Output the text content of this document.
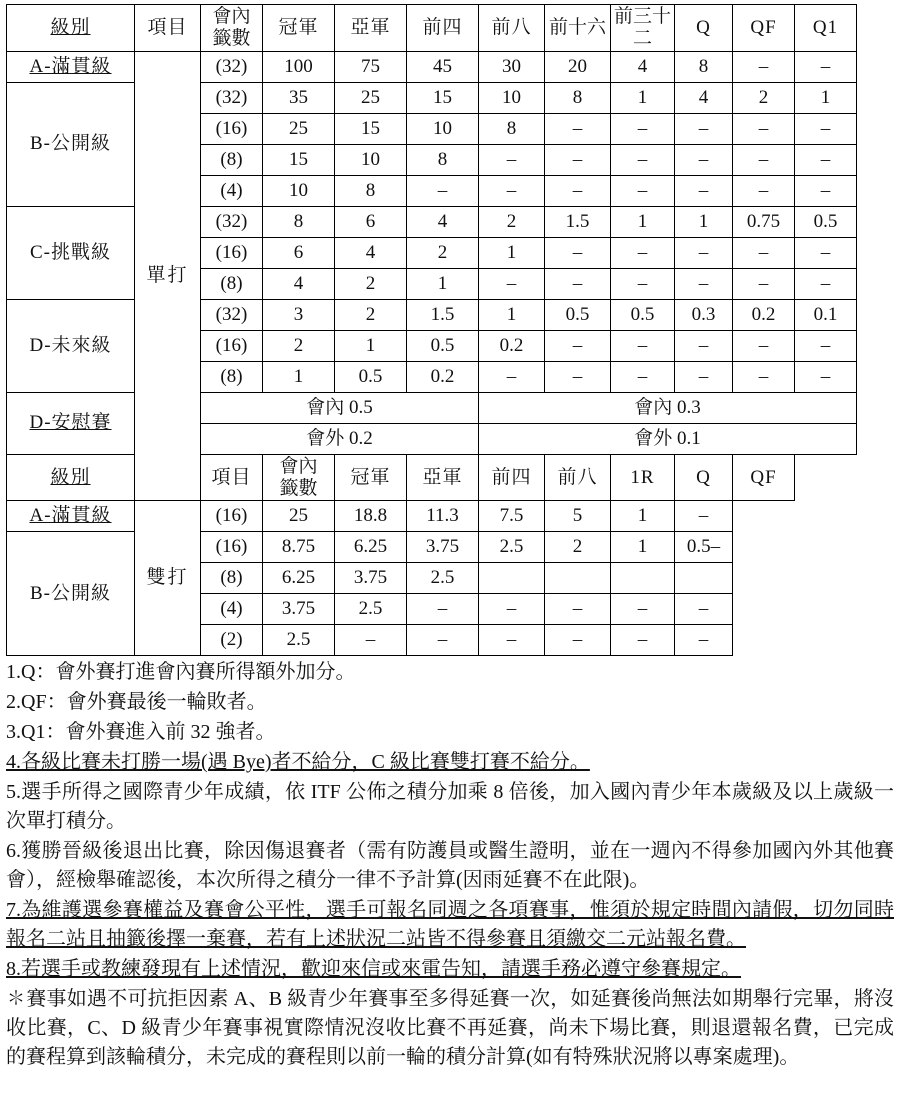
級別	項目	會內
籤數	冠軍	亞軍	前四	前八	前十六	前三十二	Q	QF	Q1	
A-滿貫級	單打	(32)	100	75	45	30	20	4	8	–	–	
B-公開級		(32)	35	25	15	10	8	1	4	2	1	
		(16)	25	15	10	8	–	–	–	–	–	
		(8)	15	10	8	–	–	–	–	–	–	
		(4)	10	8	–	–	–	–	–	–	–	
C-挑戰級		(32)	8	6	4	2	1.5	1	1	0.75	0.5	
		(16)	6	4	2	1	–	–	–	–	–	
		(8)	4	2	1	–	–	–	–	–	–	
D-未來級		(32)	3	2	1.5	1	0.5	0.5	0.3	0.2	0.1	
		(16)	2	1	0.5	0.2	–	–	–	–	–	
		(8)	1	0.5	0.2	–	–	–	–	–	–	
D-安慰賽		會內 0.5				會內 0.3						
		會外 0.2				會外 0.1						
級別		項目	會內
籤數	冠軍	亞軍	前四	前八	1R	Q	QF		
A-滿貫級	雙打	(16)	25	18.8	11.3	7.5	5	1	–			
B-公開級		(16)	8.75	6.25	3.75	2.5	2	1	0.5–			
		(8)	6.25	3.75	2.5							
		(4)	3.75	2.5	–	–	–	–	–			
		(2)	2.5	–	–	–	–	–	–			

1.Q：會外賽打進會內賽所得額外加分。

2.QF：會外賽最後一輪敗者。

3.Q1：會外賽進入前 32 強者。

4.各級比賽未打勝一場(遇 Bye)者不給分，C 級比賽雙打賽不給分。

5.選手所得之國際青少年成績，依 ITF 公佈之積分加乘 8 倍後，加入國內青少年本歲級及以上歲級一次單打積分。

6.獲勝晉級後退出比賽，除因傷退賽者（需有防護員或醫生證明，並在一週內不得參加國內外其他賽會），經檢舉確認後，本次所得之積分一律不予計算(因雨延賽不在此限)。

7.為維護選參賽權益及賽會公平性，選手可報名同週之各項賽事，惟須於規定時間內請假，切勿同時報名二站且抽籤後擇一棄賽，若有上述狀況二站皆不得參賽且須繳交二元站報名費。

8.若選手或教練發現有上述情況，歡迎來信或來電告知，請選手務必遵守參賽規定。

✽賽事如遇不可抗拒因素 A、B 級青少年賽事至多得延賽一次，如延賽後尚無法如期舉行完畢，將沒收比賽，C、D 級青少年賽事視實際情況沒收比賽不再延賽，尚未下場比賽，則退還報名費，已完成的賽程算到該輪積分，未完成的賽程則以前一輪的積分計算(如有特殊狀況將以專案處理)。
